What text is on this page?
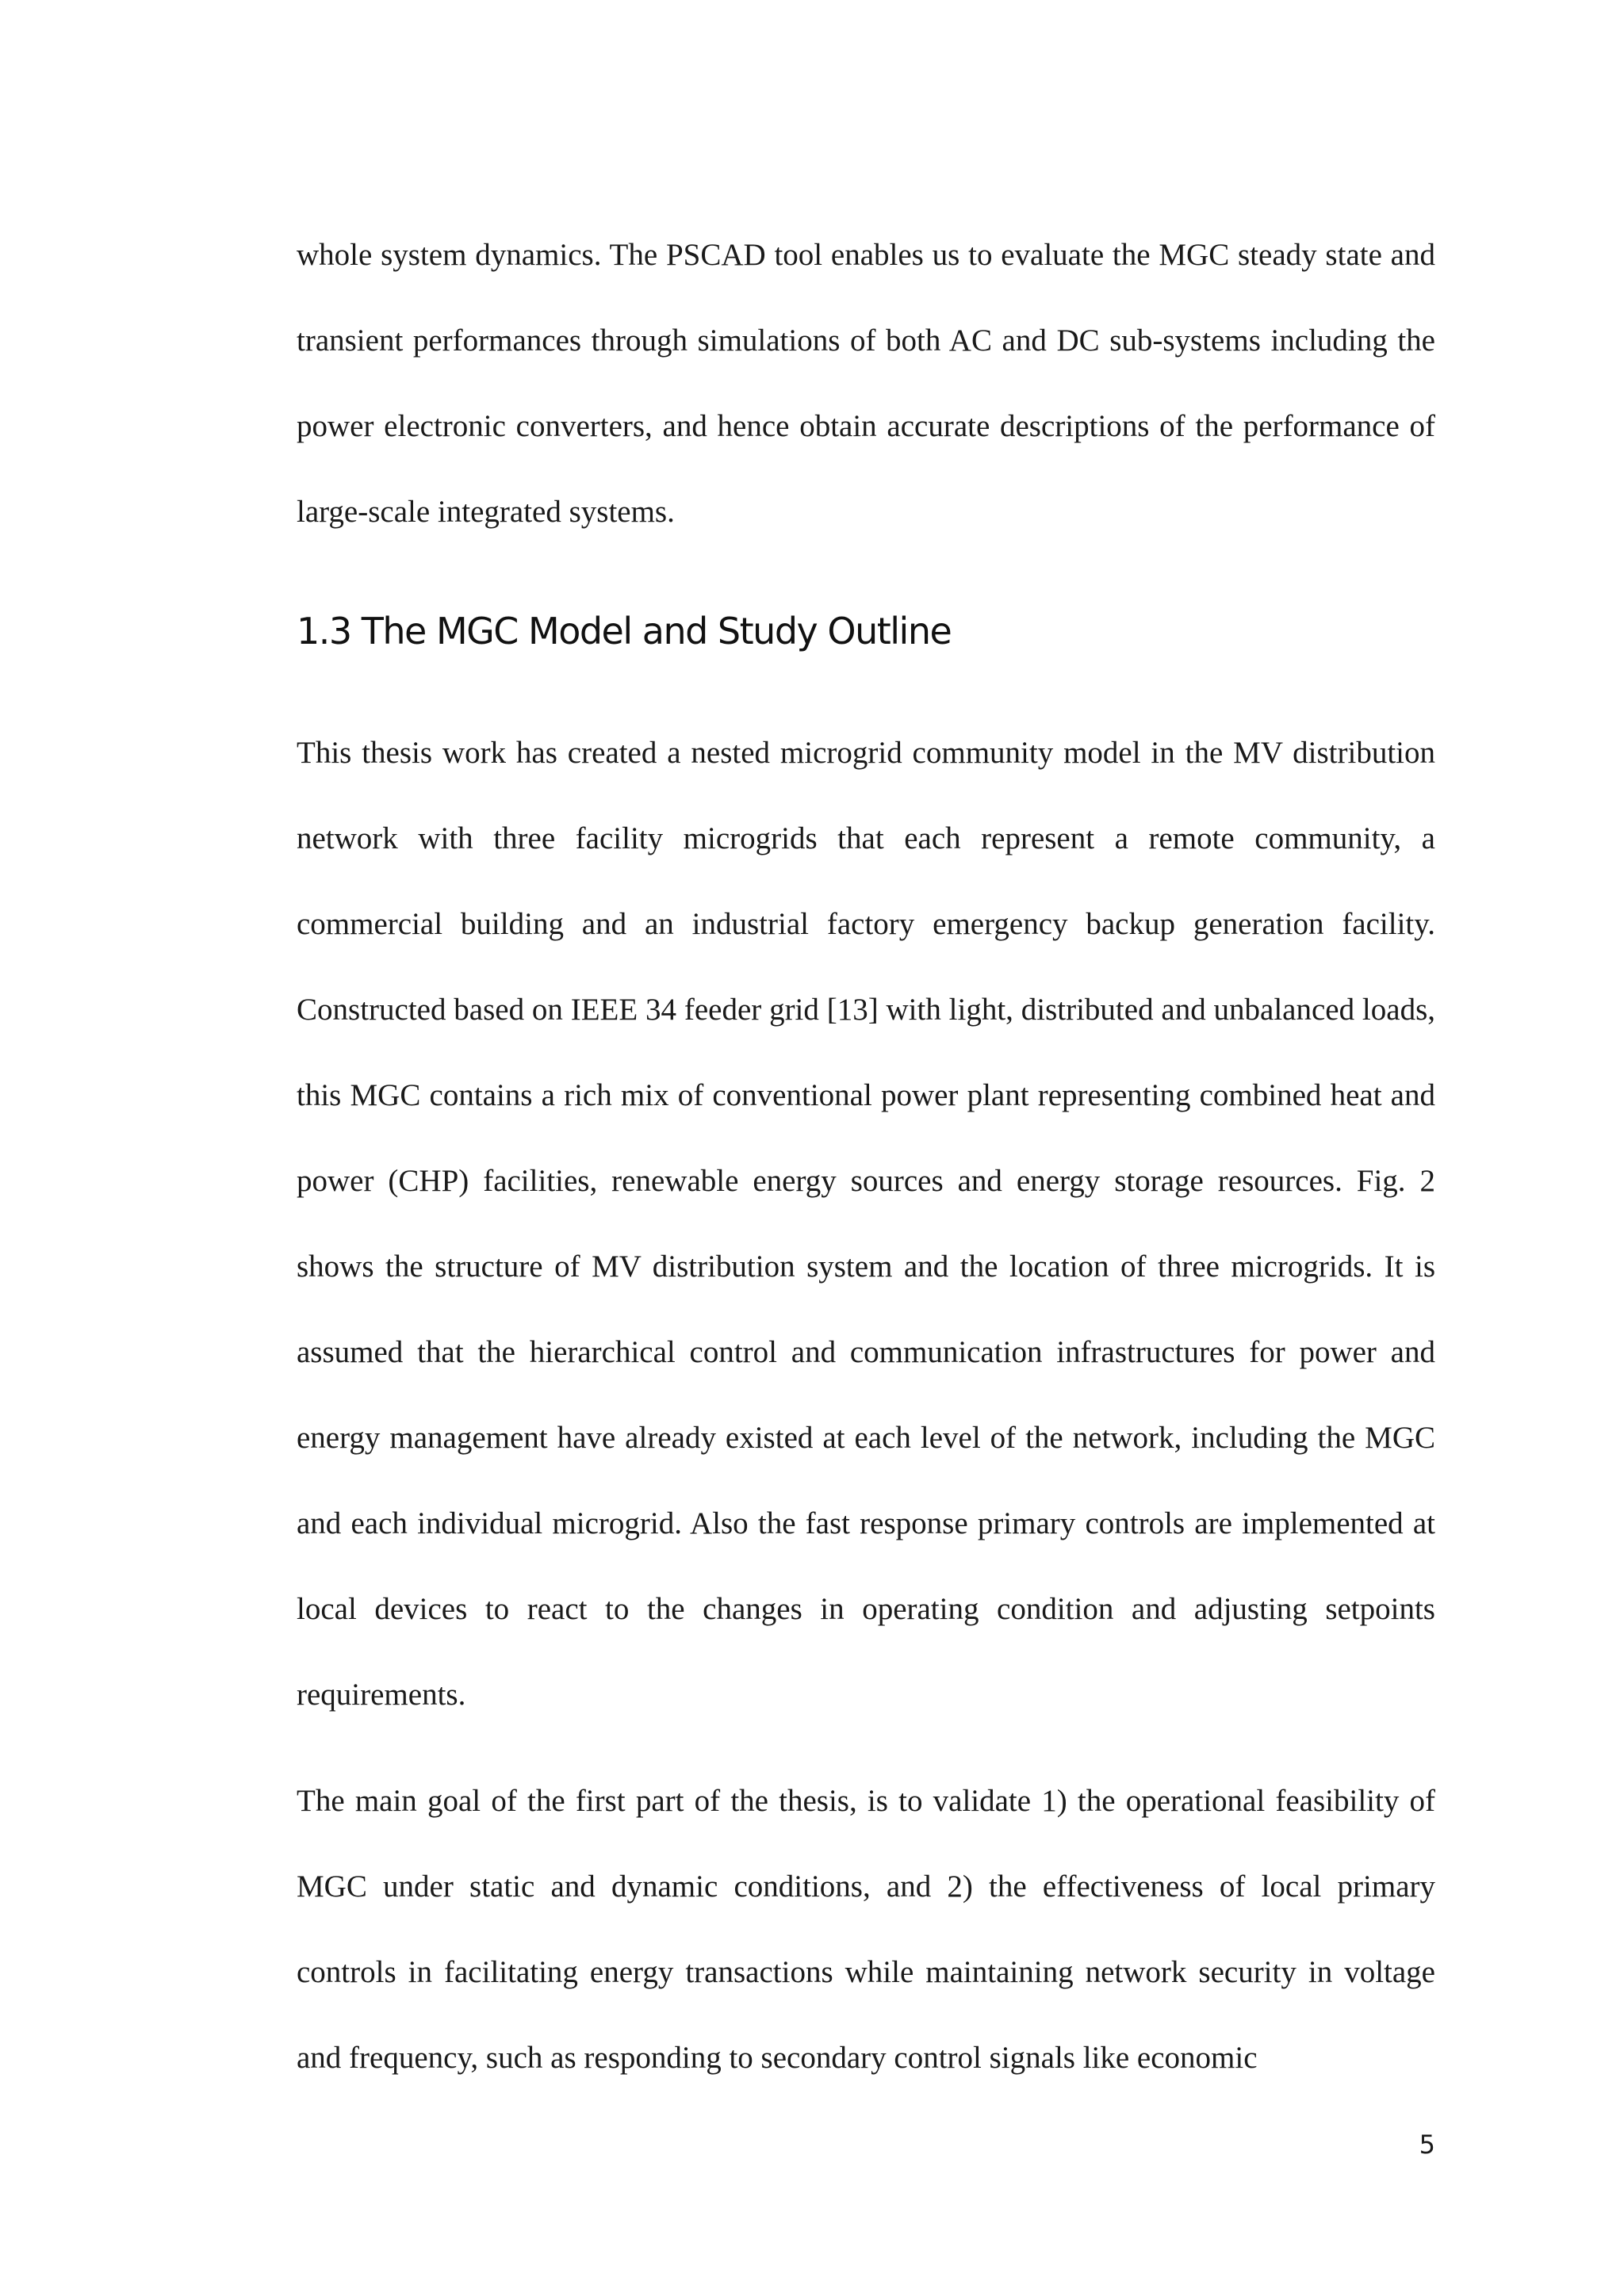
whole system dynamics. The PSCAD tool enables us to evaluate the MGC steady state and transient performances through simulations of both AC and DC sub-systems including the power electronic converters, and hence obtain accurate descriptions of the performance of large-scale integrated systems.

1.3 The MGC Model and Study Outline

This thesis work has created a nested microgrid community model in the MV distribution network with three facility microgrids that each represent a remote community, a commercial building and an industrial factory emergency backup generation facility. Constructed based on IEEE 34 feeder grid [13] with light, distributed and unbalanced loads, this MGC contains a rich mix of conventional power plant representing combined heat and power (CHP) facilities, renewable energy sources and energy storage resources. Fig. 2 shows the structure of MV distribution system and the location of three microgrids. It is assumed that the hierarchical control and communication infrastructures for power and energy management have already existed at each level of the network, including the MGC and each individual microgrid. Also the fast response primary controls are implemented at local devices to react to the changes in operating condition and adjusting setpoints requirements.

The main goal of the first part of the thesis, is to validate 1) the operational feasibility of MGC under static and dynamic conditions, and 2) the effectiveness of local primary controls in facilitating energy transactions while maintaining network security in voltage and frequency, such as responding to secondary control signals like economic

5
